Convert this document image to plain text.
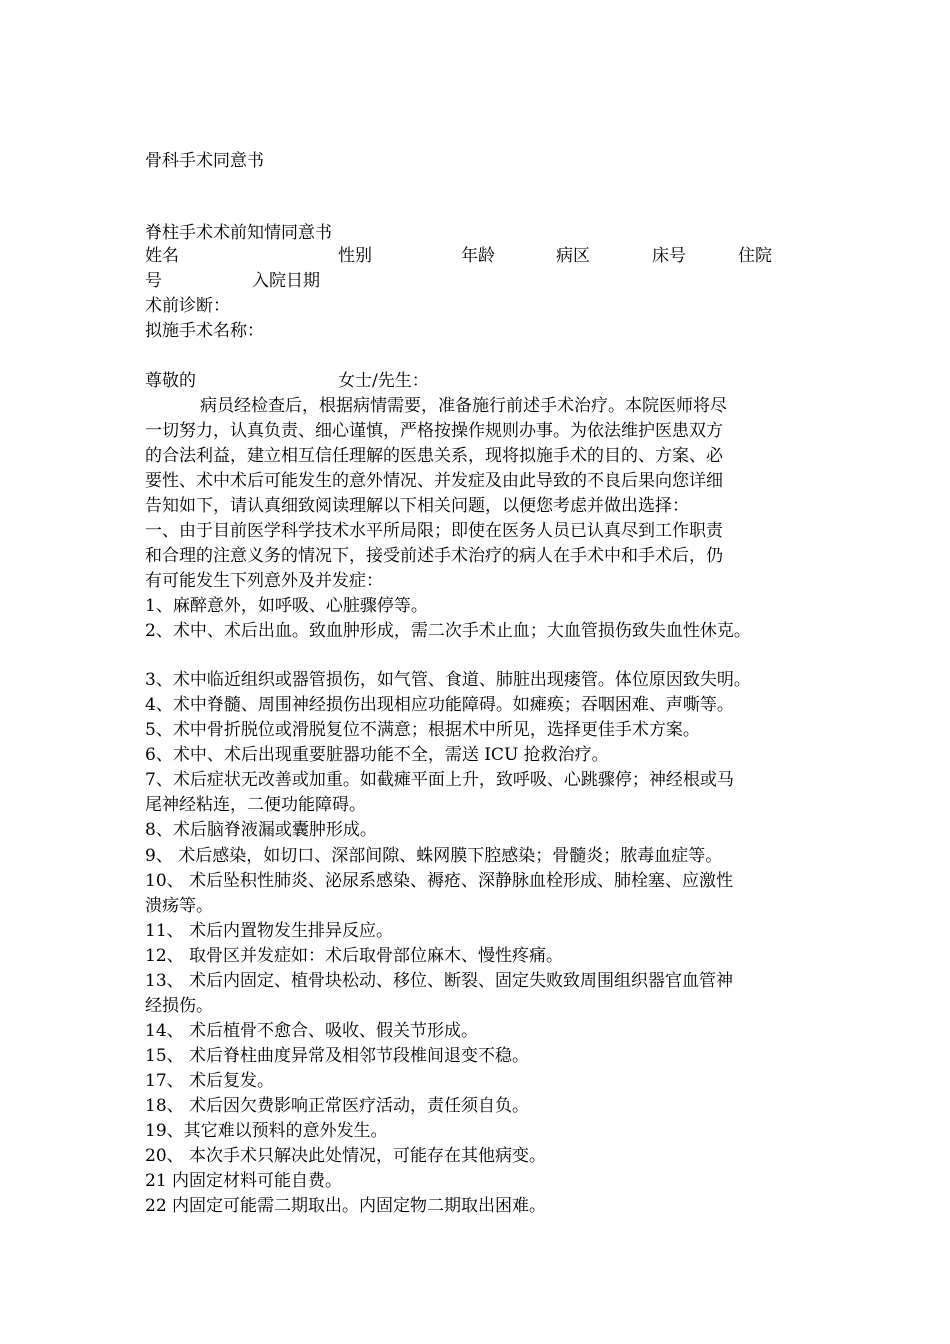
骨科手术同意书
脊柱手术术前知情同意书
姓名	性别	年龄	病区	床号	住院
号	入院日期
术前诊断：
拟施手术名称：
尊敬的	女士/先生：
病员经检查后，根据病情需要，准备施行前述手术治疗。本院医师将尽
一切努力，认真负责、细心谨慎，严格按操作规则办事。为依法维护医患双方
的合法利益，建立相互信任理解的医患关系，现将拟施手术的目的、方案、必
要性、术中术后可能发生的意外情况、并发症及由此导致的不良后果向您详细
告知如下，请认真细致阅读理解以下相关问题，以便您考虑并做出选择：
一、由于目前医学科学技术水平所局限；即使在医务人员已认真尽到工作职责
和合理的注意义务的情况下，接受前述手术治疗的病人在手术中和手术后，仍
有可能发生下列意外及并发症：
1、麻醉意外，如呼吸、心脏骤停等。
2、术中、术后出血。致血肿形成，需二次手术止血；大血管损伤致失血性休克。
3、术中临近组织或器管损伤，如气管、食道、肺脏出现瘘管。体位原因致失明。
4、术中脊髓、周围神经损伤出现相应功能障碍。如瘫痪；吞咽困难、声嘶等。
5、术中骨折脱位或滑脱复位不满意；根据术中所见，选择更佳手术方案。
6、术中、术后出现重要脏器功能不全，需送 ICU 抢救治疗。
7、术后症状无改善或加重。如截瘫平面上升，致呼吸、心跳骤停；神经根或马
尾神经粘连，二便功能障碍。
8、术后脑脊液漏或囊肿形成。
9、 术后感染，如切口、深部间隙、蛛网膜下腔感染；骨髓炎；脓毒血症等。
10、 术后坠积性肺炎、泌尿系感染、褥疮、深静脉血栓形成、肺栓塞、应激性
溃疡等。
11、 术后内置物发生排异反应。
12、 取骨区并发症如：术后取骨部位麻木、慢性疼痛。
13、 术后内固定、植骨块松动、移位、断裂、固定失败致周围组织器官血管神
经损伤。
14、 术后植骨不愈合、吸收、假关节形成。
15、 术后脊柱曲度异常及相邻节段椎间退变不稳。
17、 术后复发。
18、 术后因欠费影响正常医疗活动，责任须自负。
19、其它难以预料的意外发生。
20、 本次手术只解决此处情况，可能存在其他病变。
21 内固定材料可能自费。
22 内固定可能需二期取出。内固定物二期取出困难。
